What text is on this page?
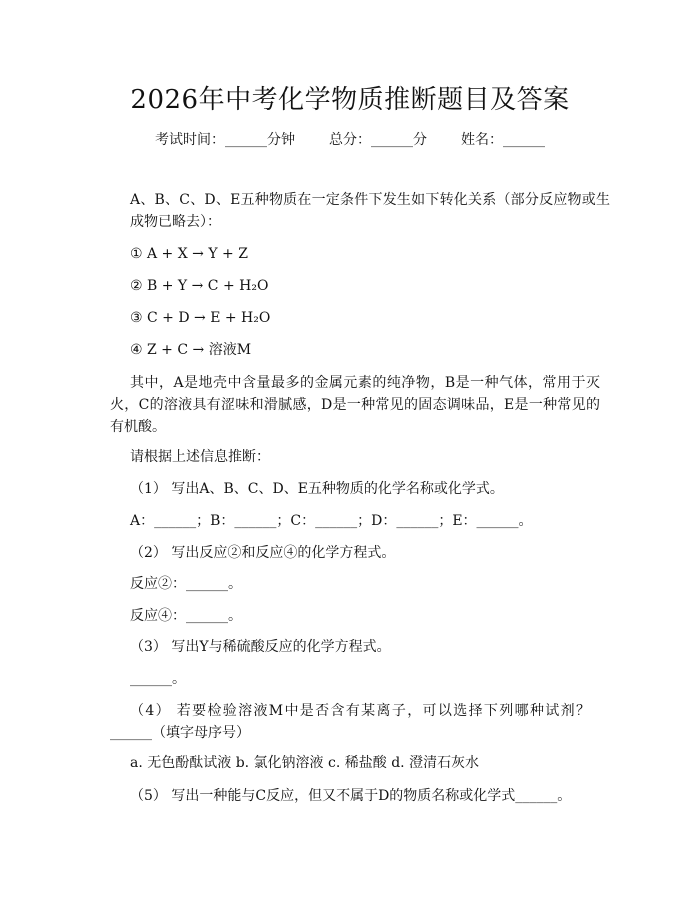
2026年中考化学物质推断题目及答案
考试时间：______分钟 总分：______分 姓名：______
A、B、C、D、E五种物质在一定条件下发生如下转化关系（部分反应物或生成物已略去）：
① A + X → Y + Z
② B + Y → C + H₂O
③ C + D → E + H₂O
④ Z + C → 溶液M
其中，A是地壳中含量最多的金属元素的纯净物，B是一种气体，常用于灭火，C的溶液具有涩味和滑腻感，D是一种常见的固态调味品，E是一种常见的有机酸。
请根据上述信息推断：
（1） 写出A、B、C、D、E五种物质的化学名称或化学式。
A：______；B：______；C：______；D：______；E：______。
（2） 写出反应②和反应④的化学方程式。
反应②：______。
反应④：______。
（3） 写出Y与稀硫酸反应的化学方程式。
______。
（4） 若要检验溶液M中是否含有某离子，可以选择下列哪种试剂？______（填字母序号）
a. 无色酚酞试液 b. 氯化钠溶液 c. 稀盐酸 d. 澄清石灰水
（5） 写出一种能与C反应，但又不属于D的物质名称或化学式______。
